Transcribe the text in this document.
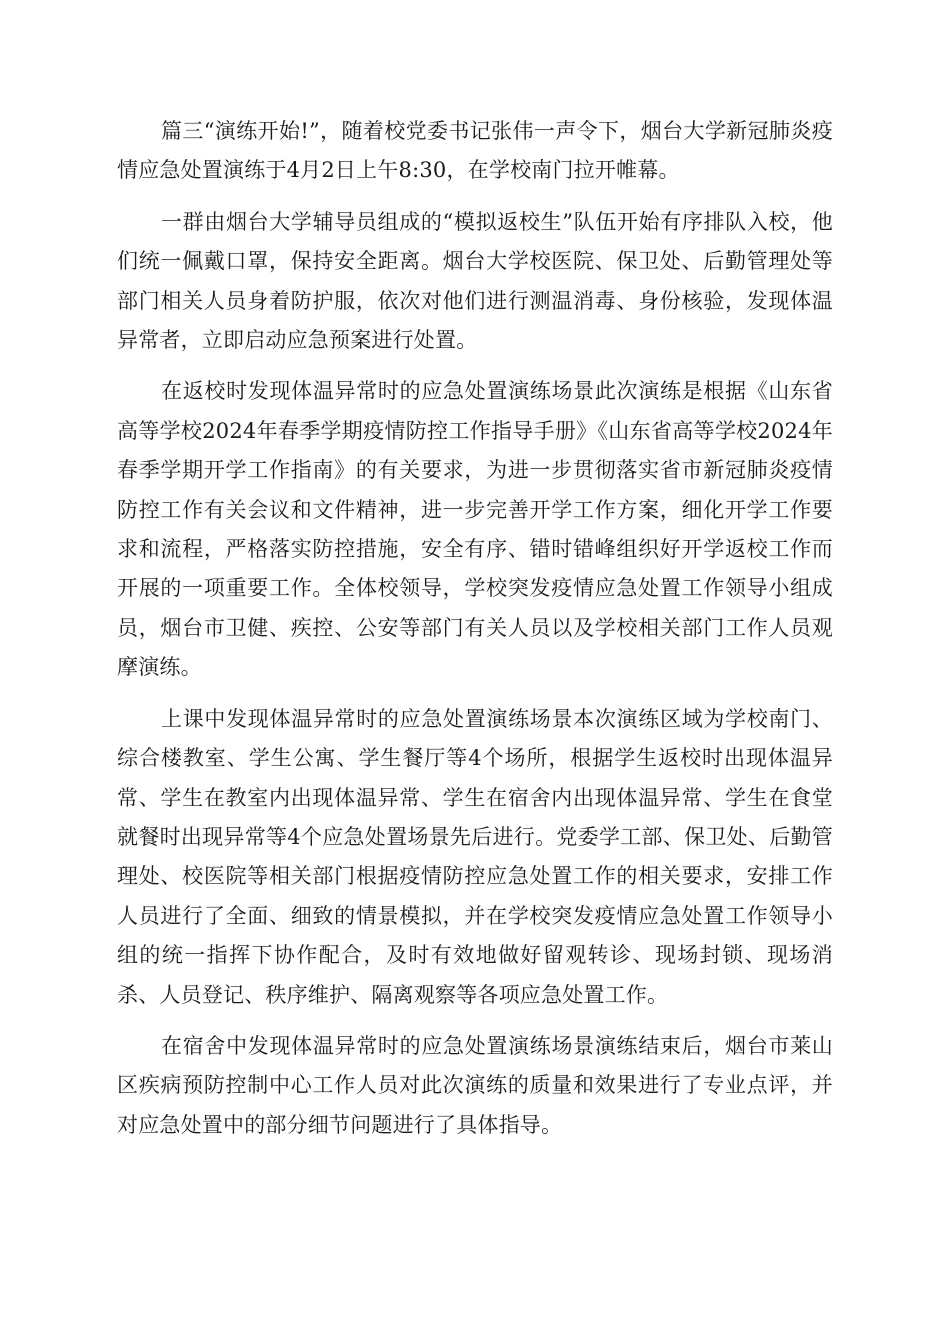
篇三“演练开始!”，随着校党委书记张伟一声令下，烟台大学新冠肺炎疫情应急处置演练于4月2日上午8:30，在学校南门拉开帷幕。

一群由烟台大学辅导员组成的“模拟返校生”队伍开始有序排队入校，他们统一佩戴口罩，保持安全距离。烟台大学校医院、保卫处、后勤管理处等部门相关人员身着防护服，依次对他们进行测温消毒、身份核验，发现体温异常者，立即启动应急预案进行处置。

在返校时发现体温异常时的应急处置演练场景此次演练是根据《山东省高等学校2024年春季学期疫情防控工作指导手册》《山东省高等学校2024年春季学期开学工作指南》的有关要求，为进一步贯彻落实省市新冠肺炎疫情防控工作有关会议和文件精神，进一步完善开学工作方案，细化开学工作要求和流程，严格落实防控措施，安全有序、错时错峰组织好开学返校工作而开展的一项重要工作。全体校领导，学校突发疫情应急处置工作领导小组成员，烟台市卫健、疾控、公安等部门有关人员以及学校相关部门工作人员观摩演练。

上课中发现体温异常时的应急处置演练场景本次演练区域为学校南门、综合楼教室、学生公寓、学生餐厅等4个场所，根据学生返校时出现体温异常、学生在教室内出现体温异常、学生在宿舍内出现体温异常、学生在食堂就餐时出现异常等4个应急处置场景先后进行。党委学工部、保卫处、后勤管理处、校医院等相关部门根据疫情防控应急处置工作的相关要求，安排工作人员进行了全面、细致的情景模拟，并在学校突发疫情应急处置工作领导小组的统一指挥下协作配合，及时有效地做好留观转诊、现场封锁、现场消杀、人员登记、秩序维护、隔离观察等各项应急处置工作。

在宿舍中发现体温异常时的应急处置演练场景演练结束后，烟台市莱山区疾病预防控制中心工作人员对此次演练的质量和效果进行了专业点评，并对应急处置中的部分细节问题进行了具体指导。
